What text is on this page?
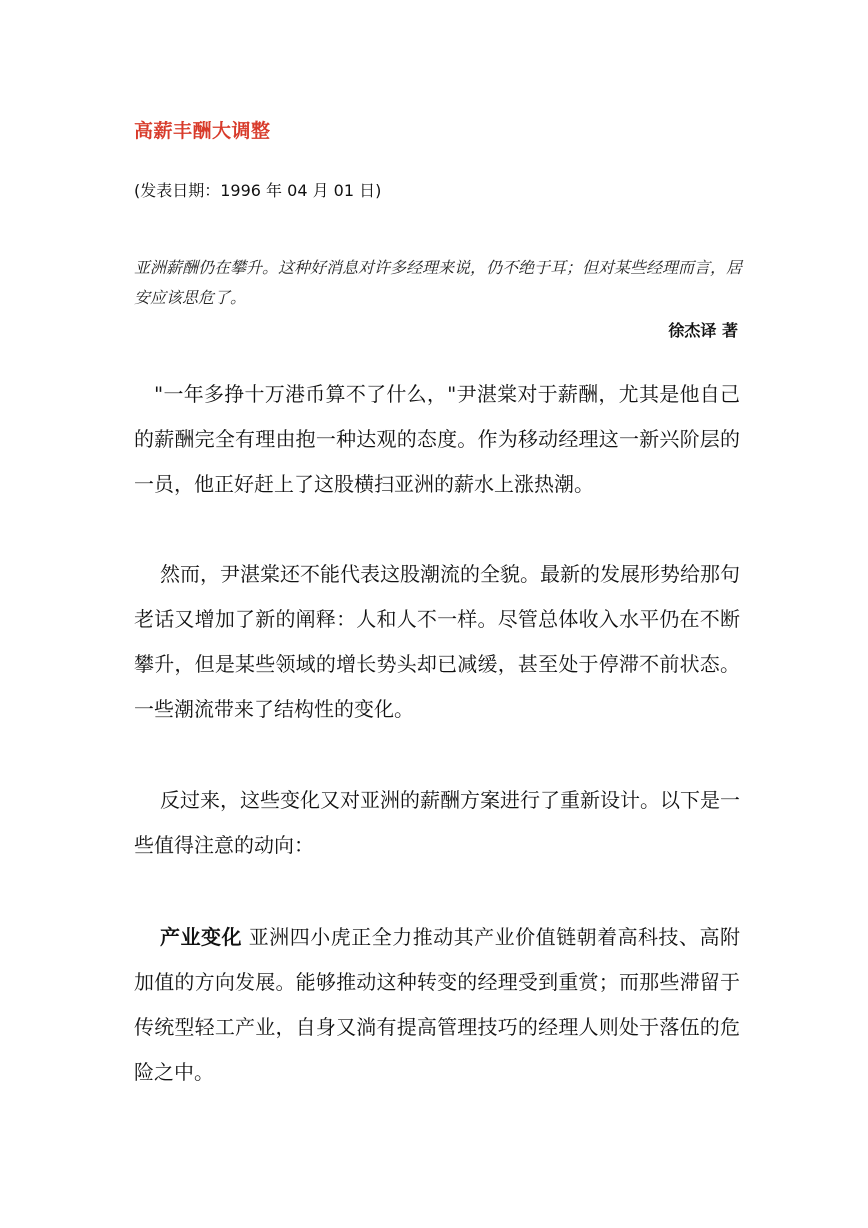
高薪丰酬大调整
(发表日期：1996 年 04 月 01 日)
亚洲薪酬仍在攀升。这种好消息对许多经理来说，仍不绝于耳；但对某些经理而言，居安应该思危了。
徐杰译 著

"一年多挣十万港币算不了什么，"尹湛棠对于薪酬，尤其是他自己的薪酬完全有理由抱一种达观的态度。作为移动经理这一新兴阶层的一员，他正好赶上了这股横扫亚洲的薪水上涨热潮。

然而，尹湛棠还不能代表这股潮流的全貌。最新的发展形势给那句老话又增加了新的阐释：人和人不一样。尽管总体收入水平仍在不断攀升，但是某些领域的增长势头却已减缓，甚至处于停滞不前状态。一些潮流带来了结构性的变化。

反过来，这些变化又对亚洲的薪酬方案进行了重新设计。以下是一些值得注意的动向：

产业变化 亚洲四小虎正全力推动其产业价值链朝着高科技、高附加值的方向发展。能够推动这种转变的经理受到重赏；而那些滞留于传统型轻工产业，自身又淌有提高管理技巧的经理人则处于落伍的危险之中。
